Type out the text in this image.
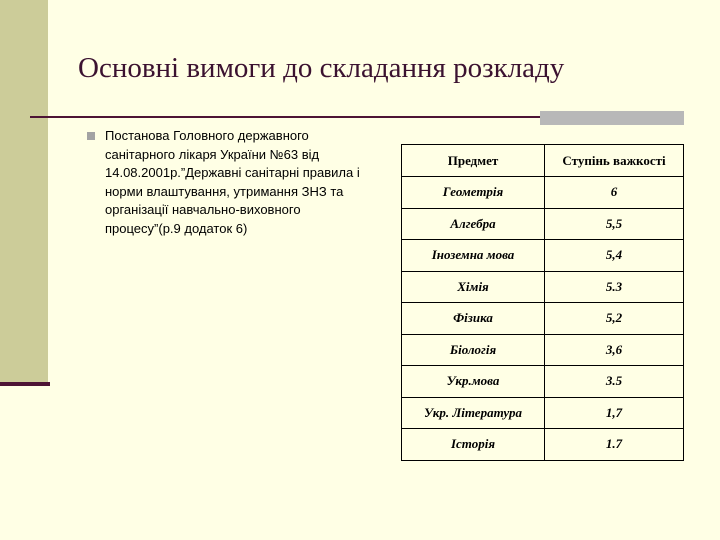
Основні вимоги до складання розкладу
Постанова Головного державного санітарного лікаря України №63 від 14.08.2001р.”Державні санітарні правила і норми влаштування, утримання ЗНЗ та організації навчально-виховного процесу”(р.9 додаток 6)
Предмет	Ступінь важкості
Геометрія	6
Алгебра	5,5
Іноземна мова	5,4
Хімія	5.3
Фізика	5,2
Біологія	3,6
Укр.мова	3.5
Укр. Література	1,7
Історія	1.7
